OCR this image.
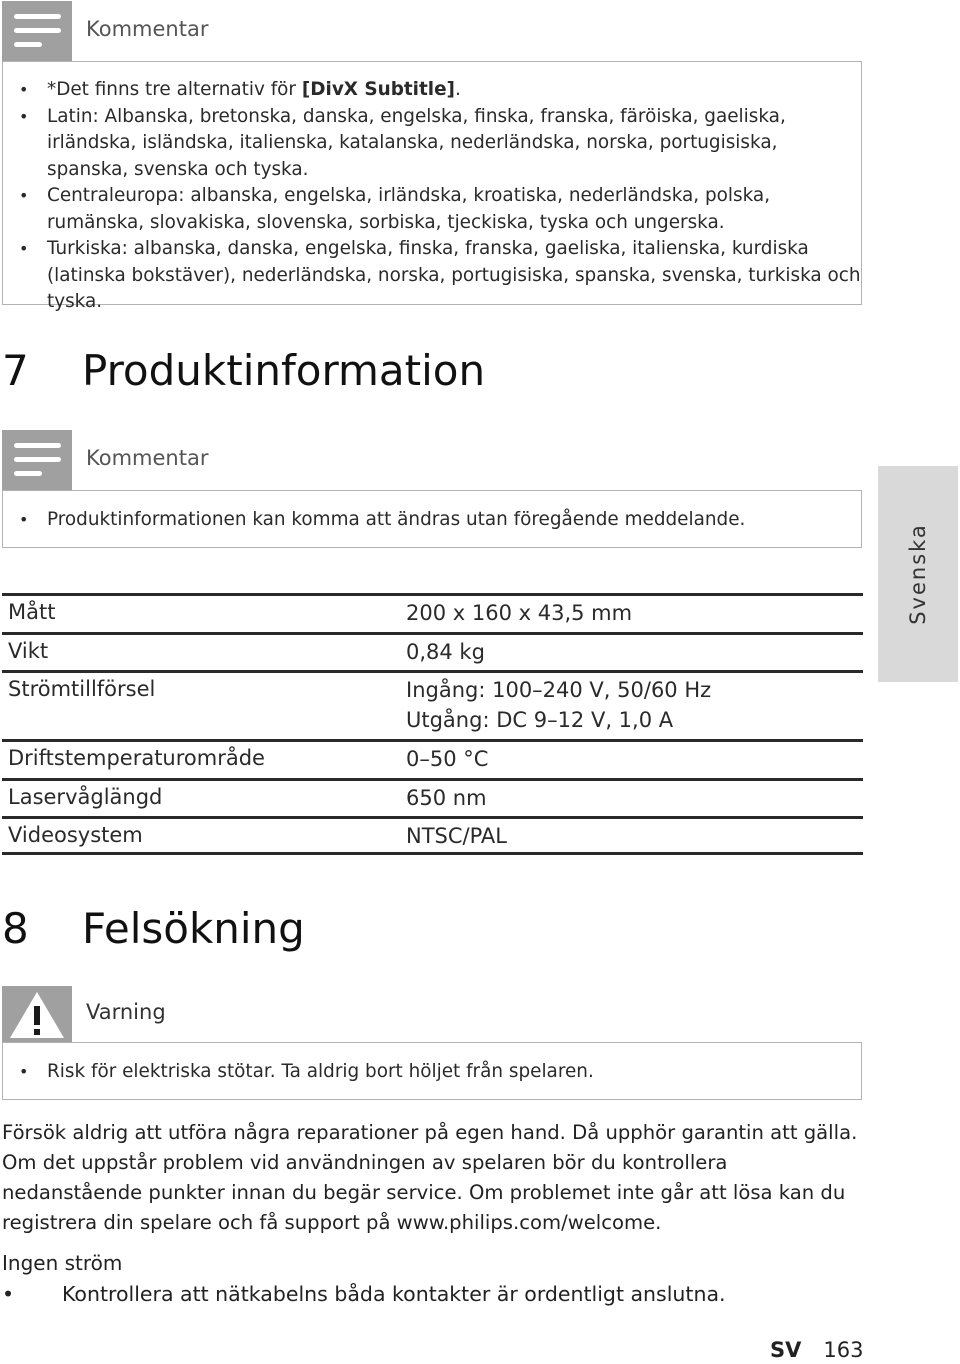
Kommentar
• *Det finns tre alternativ för [DivX Subtitle].
• Latin: Albanska, bretonska, danska, engelska, finska, franska, färöiska, gaeliska, irländska, isländska, italienska, katalanska, nederländska, norska, portugisiska, spanska, svenska och tyska.
• Centraleuropa: albanska, engelska, irländska, kroatiska, nederländska, polska, rumänska, slovakiska, slovenska, sorbiska, tjeckiska, tyska och ungerska.
• Turkiska: albanska, danska, engelska, finska, franska, gaeliska, italienska, kurdiska (latinska bokstäver), nederländska, norska, portugisiska, spanska, svenska, turkiska och tyska.
7 Produktinformation
Kommentar
• Produktinformationen kan komma att ändras utan föregående meddelande.
Mått	200 x 160 x 43,5 mm
Vikt	0,84 kg
Strömtillförsel	Ingång: 100–240 V, 50/60 Hz
Utgång: DC 9–12 V, 1,0 A
Driftstemperaturområde	0–50 °C
Laservåglängd	650 nm
Videosystem	NTSC/PAL
Svenska
8 Felsökning
Varning
• Risk för elektriska stötar. Ta aldrig bort höljet från spelaren.
Försök aldrig att utföra några reparationer på egen hand. Då upphör garantin att gälla. Om det uppstår problem vid användningen av spelaren bör du kontrollera nedanstående punkter innan du begär service. Om problemet inte går att lösa kan du registrera din spelare och få support på www.philips.com/welcome.
Ingen ström
• Kontrollera att nätkabelns båda kontakter är ordentligt anslutna.
SV 163
